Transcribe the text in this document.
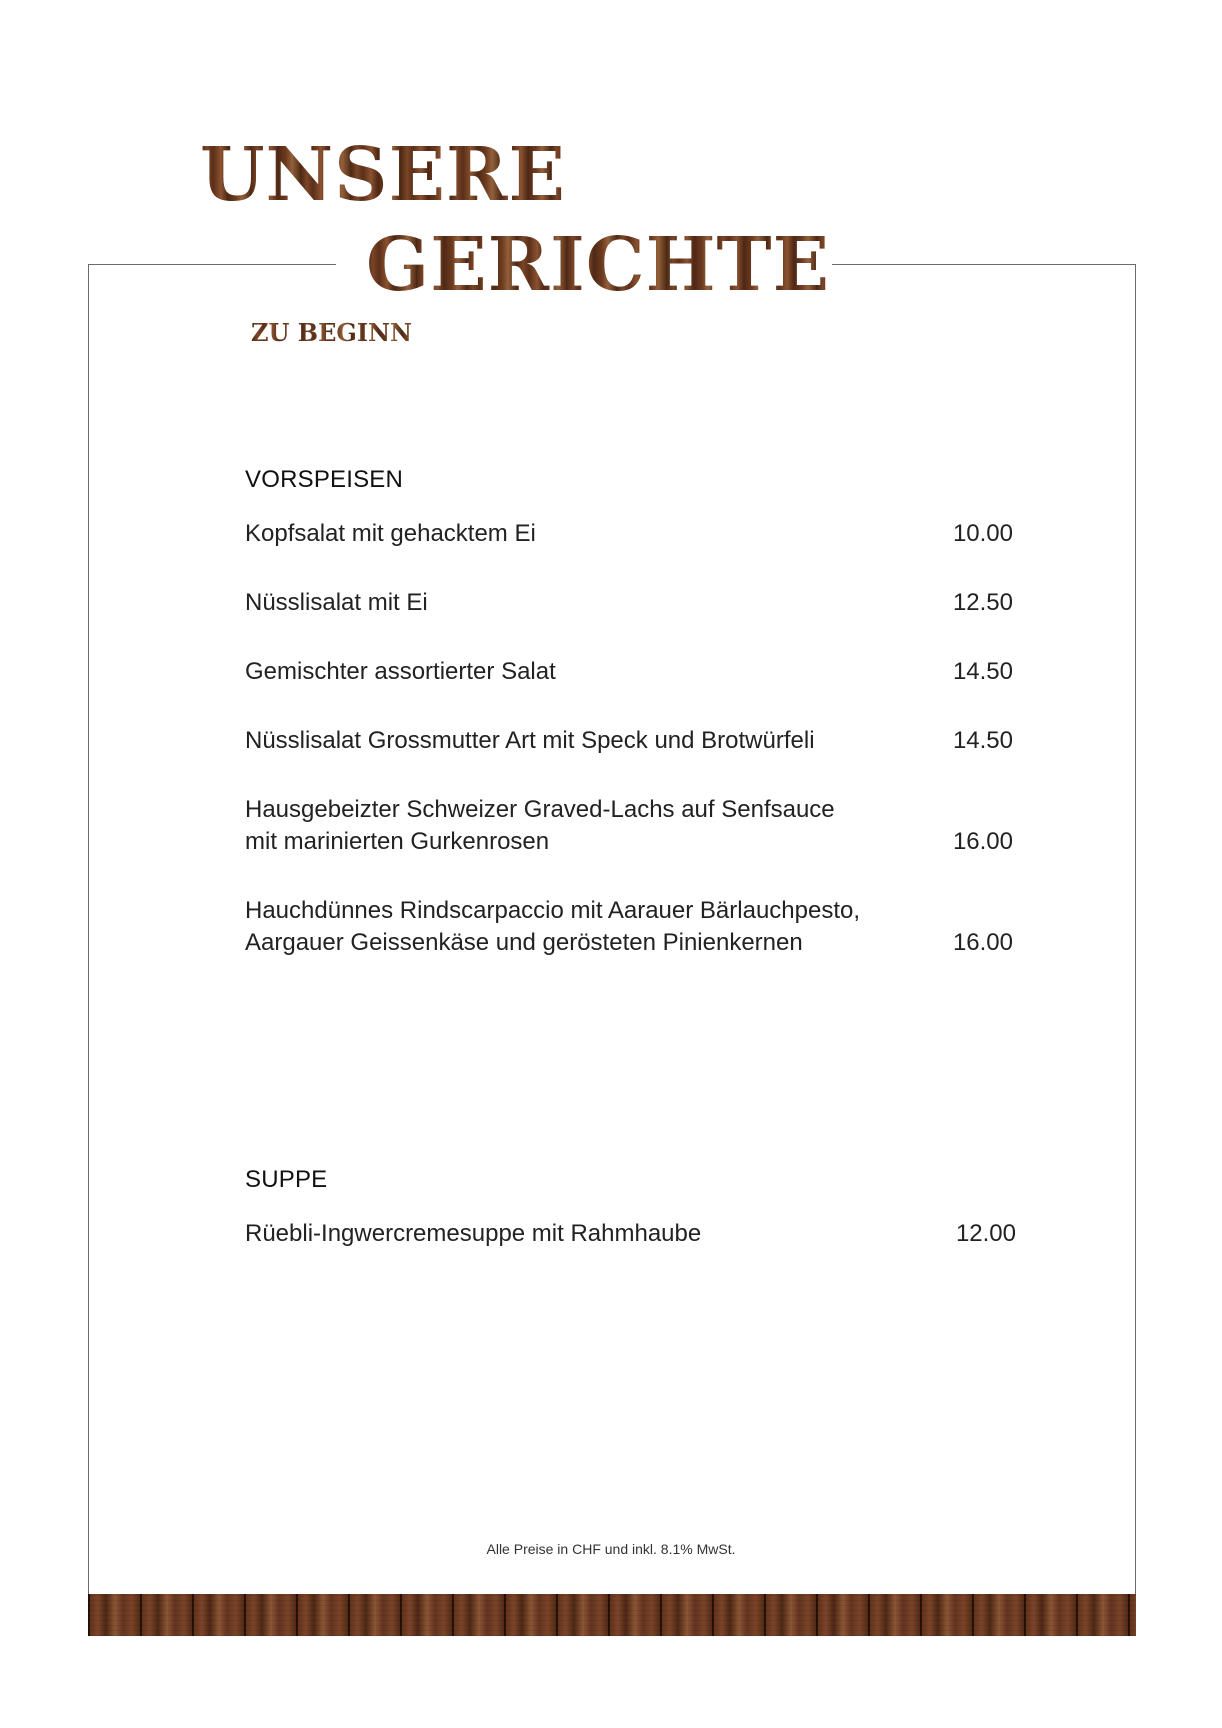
UNSERE
GERICHTE
ZU BEGINN
VORSPEISEN
Kopfsalat mit gehacktem Ei	10.00
Nüsslisalat mit Ei	12.50
Gemischter assortierter Salat	14.50
Nüsslisalat Grossmutter Art mit Speck und Brotwürfeli	14.50
Hausgebeizter Schweizer Graved-Lachs auf Senfsauce
mit marinierten Gurkenrosen	16.00
Hauchdünnes Rindscarpaccio mit Aarauer Bärlauchpesto,
Aargauer Geissenkäse und gerösteten Pinienkernen	16.00
SUPPE
Rüebli-Ingwercremesuppe mit Rahmhaube	12.00
Alle Preise in CHF und inkl. 8.1% MwSt.
